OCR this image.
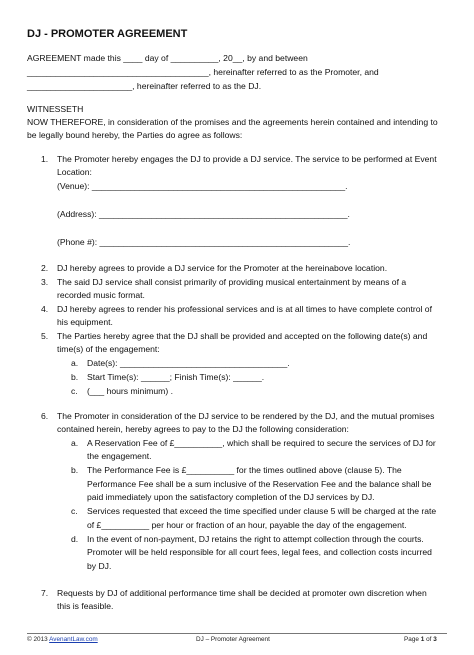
DJ - PROMOTER AGREEMENT
AGREEMENT made this ____ day of __________, 20__, by and between
______________________________________, hereinafter referred to as the Promoter, and
______________________, hereinafter referred to as the DJ.
WITNESSETH
NOW THEREFORE, in consideration of the promises and the agreements herein contained and intending to
be legally bound hereby, the Parties do agree as follows:
1. The Promoter hereby engages the DJ to provide a DJ service. The service to be performed at Event
Location:
(Venue): _____________________________________________________.
(Address): ____________________________________________________.
(Phone #): ____________________________________________________.
2. DJ hereby agrees to provide a DJ service for the Promoter at the hereinabove location.
3. The said DJ service shall consist primarily of providing musical entertainment by means of a
recorded music format.
4. DJ hereby agrees to render his professional services and is at all times to have complete control of
his equipment.
5. The Parties hereby agree that the DJ shall be provided and accepted on the following date(s) and
time(s) of the engagement:
a. Date(s): ___________________________________.
b. Start Time(s): ______; Finish Time(s): ______.
c. (___ hours minimum) .
6. The Promoter in consideration of the DJ service to be rendered by the DJ, and the mutual promises
contained herein, hereby agrees to pay to the DJ the following consideration:
a. A Reservation Fee of £__________, which shall be required to secure the services of DJ for
the engagement.
b. The Performance Fee is £__________ for the times outlined above (clause 5). The
Performance Fee shall be a sum inclusive of the Reservation Fee and the balance shall be
paid immediately upon the satisfactory completion of the DJ services by DJ.
c. Services requested that exceed the time specified under clause 5 will be charged at the rate
of £__________ per hour or fraction of an hour, payable the day of the engagement.
d. In the event of non-payment, DJ retains the right to attempt collection through the courts.
Promoter will be held responsible for all court fees, legal fees, and collection costs incurred
by DJ.
7. Requests by DJ of additional performance time shall be decided at promoter own discretion when
this is feasible.
© 2013 AvenantLaw.com	DJ – Promoter Agreement	Page 1 of 3
